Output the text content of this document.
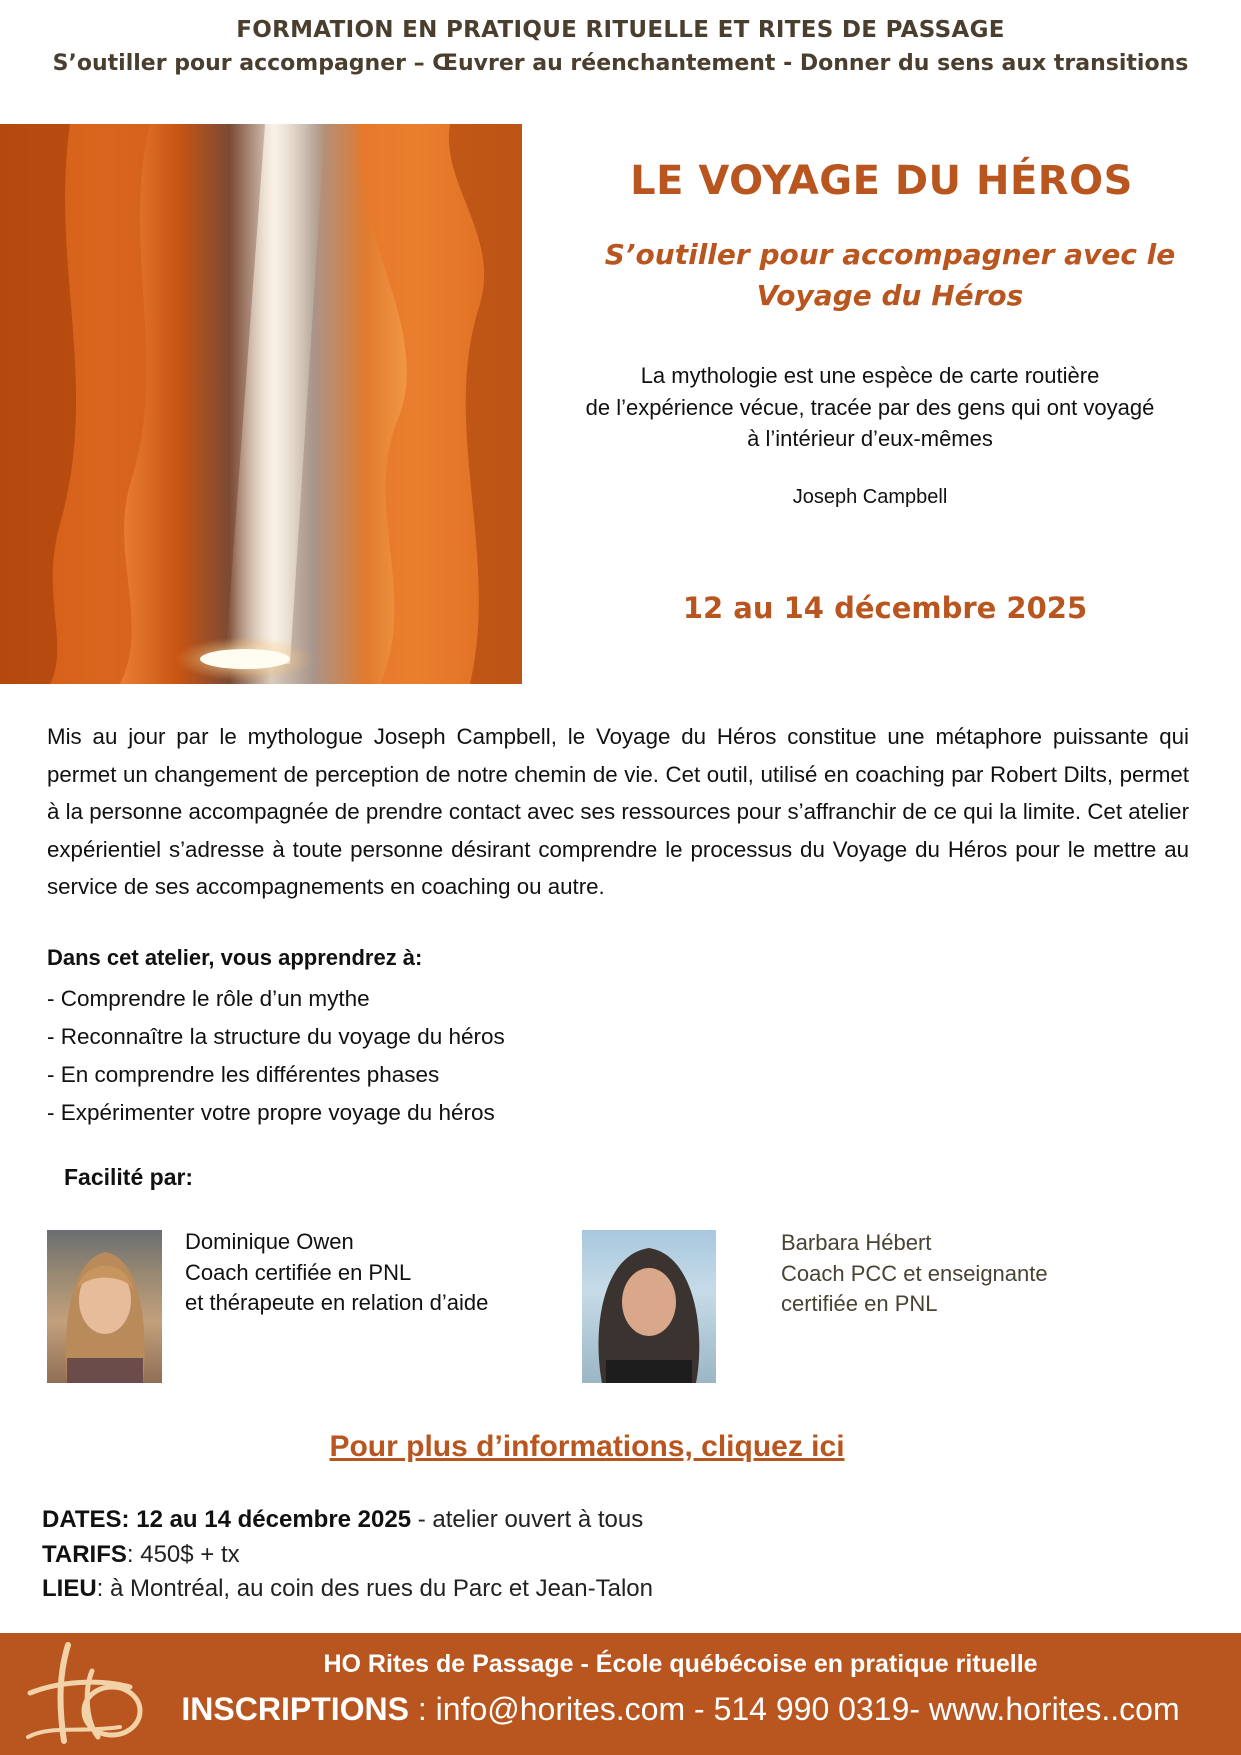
FORMATION EN PRATIQUE RITUELLE ET RITES DE PASSAGE
S’outiller pour accompagner – Œuvrer au réenchantement - Donner du sens aux transitions
LE VOYAGE DU HÉROS
S’outiller pour accompagner avec le
Voyage du Héros
La mythologie est une espèce de carte routière
de l’expérience vécue, tracée par des gens qui ont voyagé
à l’intérieur d’eux-mêmes
Joseph Campbell
12 au 14 décembre 2025

Mis au jour par le mythologue Joseph Campbell, le Voyage du Héros constitue une métaphore puissante qui permet un changement de perception de notre chemin de vie. Cet outil, utilisé en coaching par Robert Dilts, permet à la personne accompagnée de prendre contact avec ses ressources pour s’affranchir de ce qui la limite. Cet atelier expérientiel s’adresse à toute personne désirant comprendre le processus du Voyage du Héros pour le mettre au service de ses accompagnements en coaching ou autre.

Dans cet atelier, vous apprendrez à:
- Comprendre le rôle d’un mythe
- Reconnaître la structure du voyage du héros
- En comprendre les différentes phases
- Expérimenter votre propre voyage du héros
Facilité par:
Dominique Owen
Coach certifiée en PNL
et thérapeute en relation d’aide
Barbara Hébert
Coach PCC et enseignante
certifiée en PNL
Pour plus d’informations, cliquez ici
DATES: 12 au 14 décembre 2025 - atelier ouvert à tous
TARIFS: 450$ + tx
LIEU: à Montréal, au coin des rues du Parc et Jean-Talon
HO Rites de Passage - École québécoise en pratique rituelle
INSCRIPTIONS : info@horites.com - 514 990 0319- www.horites..com
